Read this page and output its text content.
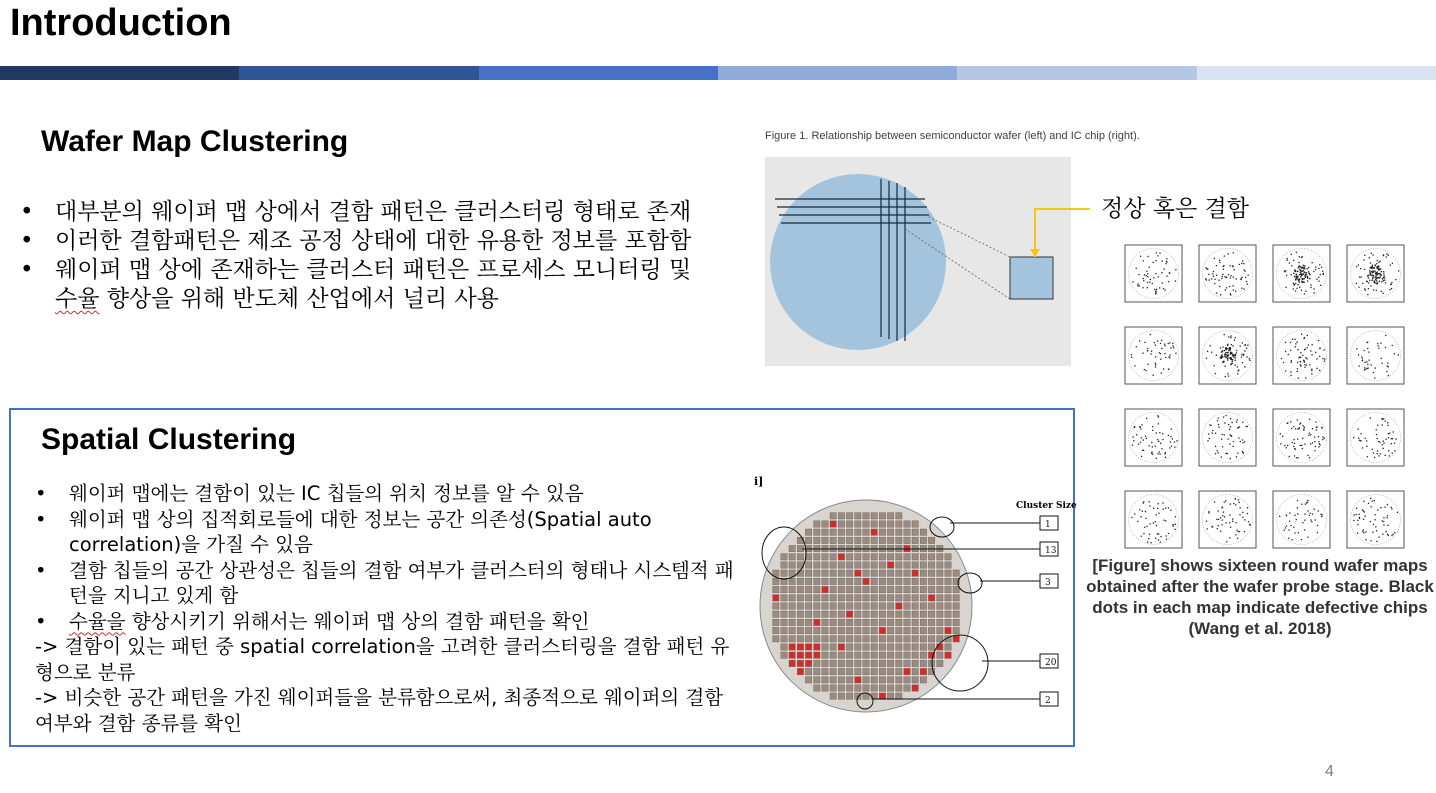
Introduction
Wafer Map Clustering
• 대부분의 웨이퍼 맵 상에서 결함 패턴은 클러스터링 형태로 존재
• 이러한 결함패턴은 제조 공정 상태에 대한 유용한 정보를 포함함
• 웨이퍼 맵 상에 존재하는 클러스터 패턴은 프로세스 모니터링 및
수율 향상을 위해 반도체 산업에서 널리 사용
Figure 1. Relationship between semiconductor wafer (left) and IC chip (right).
정상 혹은 결함
[Figure] shows sixteen round wafer maps obtained after the wafer probe stage. Black dots in each map indicate defective chips (Wang et al. 2018)
Spatial Clustering
• 웨이퍼 맵에는 결함이 있는 IC 칩들의 위치 정보를 알 수 있음
• 웨이퍼 맵 상의 집적회로들에 대한 정보는 공간 의존성(Spatial auto correlation)을 가질 수 있음
• 결함 칩들의 공간 상관성은 칩들의 결함 여부가 클러스터의 형태나 시스템적 패턴을 지니고 있게 함
• 수율을 향상시키기 위해서는 웨이퍼 맵 상의 결함 패턴을 확인
-> 결함이 있는 패턴 중 spatial correlation을 고려한 클러스터링을 결함 패턴 유형으로 분류
-> 비슷한 공간 패턴을 가진 웨이퍼들을 분류함으로써, 최종적으로 웨이퍼의 결함 여부와 결함 종류를 확인
i]
Cluster Size
1
13
3
20
2
4
